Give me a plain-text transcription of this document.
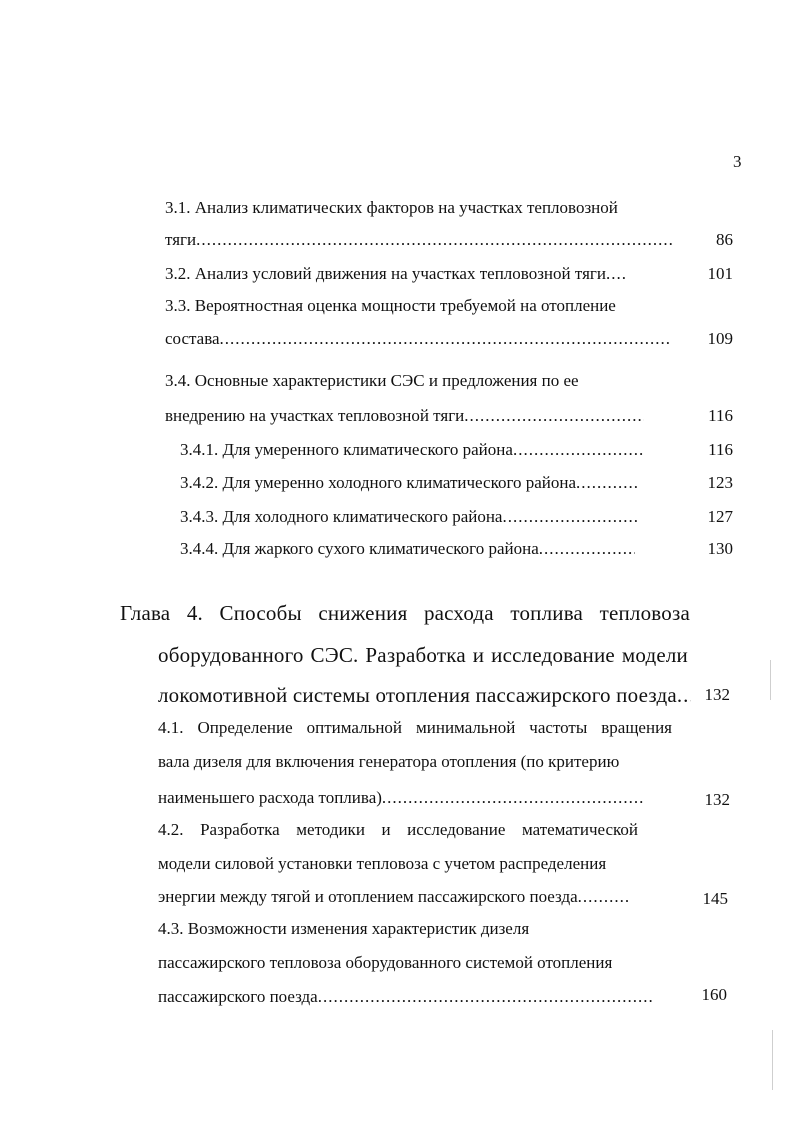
3
3.1. Анализ климатических факторов на участках тепловозной
тяги .....	86
3.2. Анализ условий движения на участках тепловозной тяги .....	101
3.3. Вероятностная оценка мощности требуемой на отопление
состава .....	109
3.4. Основные характеристики СЭС и предложения по ее
внедрению на участках тепловозной тяги .....	116
3.4.1. Для умеренного климатического района .....	116
3.4.2. Для умеренно холодного климатического района .....	123
3.4.3. Для холодного климатического района .....	127
3.4.4. Для жаркого сухого климатического района .....	130
Глава 4. Способы снижения расхода топлива тепловоза
оборудованного СЭС. Разработка и исследование модели
локомотивной системы отопления пассажирского поезда .....	132
4.1. Определение оптимальной минимальной частоты вращения
вала дизеля для включения генератора отопления (по критерию
наименьшего расхода топлива) .....	132
4.2. Разработка методики и исследование математической
модели силовой установки тепловоза с учетом распределения
энергии между тягой и отоплением пассажирского поезда .....	145
4.3. Возможности изменения характеристик дизеля
пассажирского тепловоза оборудованного системой отопления
пассажирского поезда .....	160
